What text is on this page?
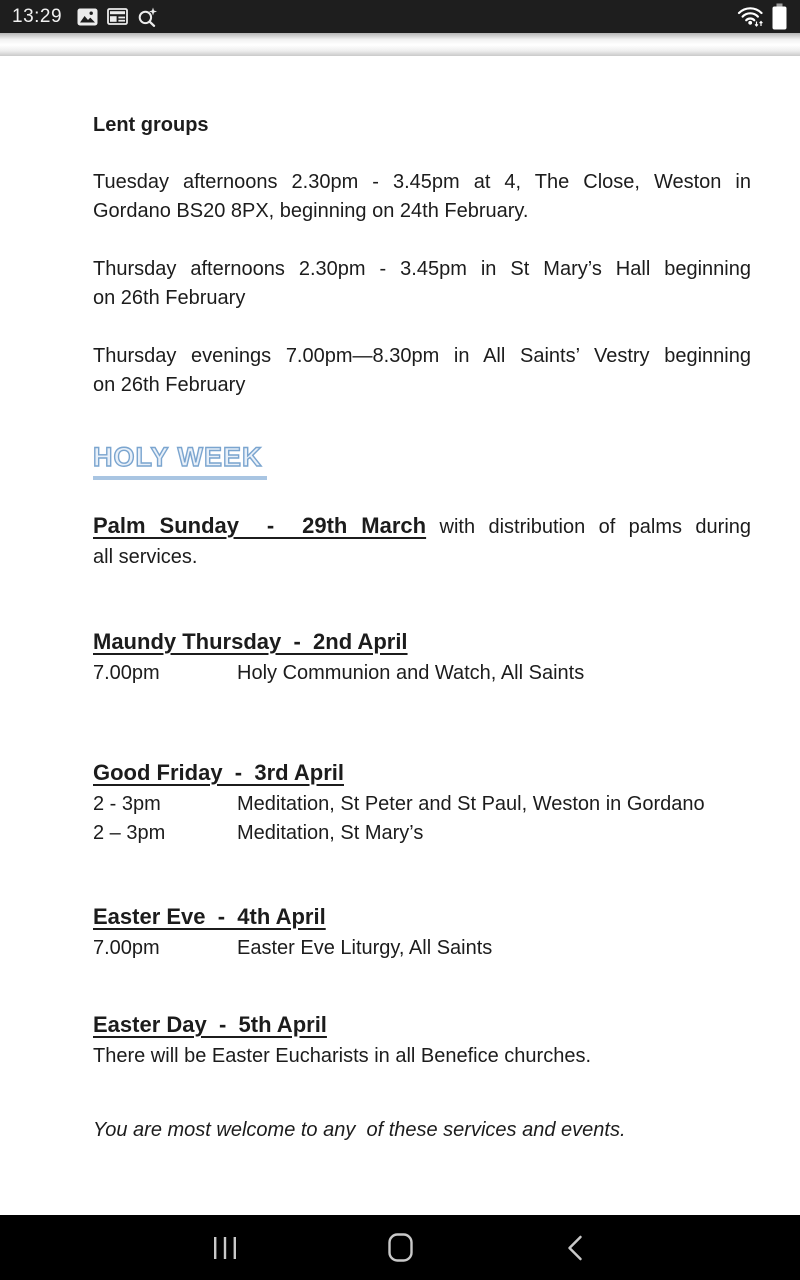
13:29
Lent groups
Tuesday afternoons 2.30pm - 3.45pm at 4, The Close, Weston in
Gordano BS20 8PX, beginning on 24th February.
Thursday afternoons 2.30pm - 3.45pm in St Mary’s Hall beginning
on 26th February
Thursday evenings 7.00pm—8.30pm in All Saints’ Vestry beginning
on 26th February
HOLY WEEK
Palm Sunday  -  29th March with distribution of palms during
all services.
Maundy Thursday  -  2nd April
7.00pm	Holy Communion and Watch, All Saints
Good Friday  -  3rd April
2 - 3pm	Meditation, St Peter and St Paul, Weston in Gordano
2 – 3pm	Meditation, St Mary’s
Easter Eve  -  4th April
7.00pm	Easter Eve Liturgy, All Saints
Easter Day  -  5th April
There will be Easter Eucharists in all Benefice churches.
You are most welcome to any  of these services and events.
